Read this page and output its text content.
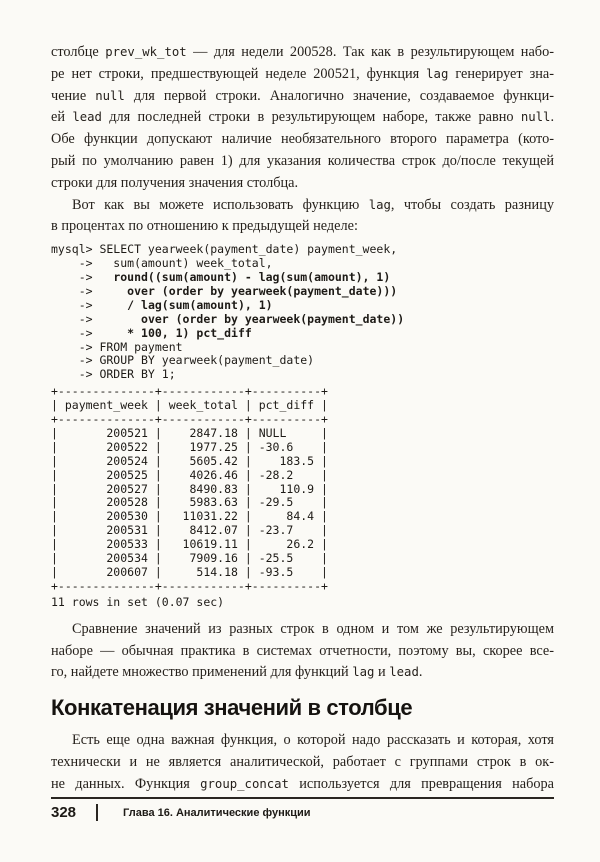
столбце prev_wk_tot — для недели 200528. Так как в результирующем набо-
ре нет строки, предшествующей неделе 200521, функция lag генерирует зна-
чение null для первой строки. Аналогично значение, создаваемое функци-
ей lead для последней строки в результирующем наборе, также равно null.
Обе функции допускают наличие необязательного второго параметра (кото-
рый по умолчанию равен 1) для указания количества строк до/после текущей
строки для получения значения столбца.
Вот как вы можете использовать функцию lag, чтобы создать разницу
в процентах по отношению к предыдущей неделе:
mysql> SELECT yearweek(payment_date) payment_week,
->   sum(amount) week_total,
->   round((sum(amount) - lag(sum(amount), 1)
->     over (order by yearweek(payment_date)))
->     / lag(sum(amount), 1)
->       over (order by yearweek(payment_date))
->     * 100, 1) pct_diff
-> FROM payment
-> GROUP BY yearweek(payment_date)
-> ORDER BY 1;
+--------------+------------+----------+
| payment_week | week_total | pct_diff |
+--------------+------------+----------+
|       200521 |    2847.18 | NULL     |
|       200522 |    1977.25 | -30.6    |
|       200524 |    5605.42 |    183.5 |
|       200525 |    4026.46 | -28.2    |
|       200527 |    8490.83 |    110.9 |
|       200528 |    5983.63 | -29.5    |
|       200530 |   11031.22 |     84.4 |
|       200531 |    8412.07 | -23.7    |
|       200533 |   10619.11 |     26.2 |
|       200534 |    7909.16 | -25.5    |
|       200607 |     514.18 | -93.5    |
+--------------+------------+----------+
11 rows in set (0.07 sec)
Сравнение значений из разных строк в одном и том же результирующем
наборе — обычная практика в системах отчетности, поэтому вы, скорее все-
го, найдете множество применений для функций lag и lead.
Конкатенация значений в столбце
Есть еще одна важная функция, о которой надо рассказать и которая, хотя
технически и не является аналитической, работает с группами строк в ок-
не данных. Функция group_concat используется для превращения набора
328	Глава 16. Аналитические функции
